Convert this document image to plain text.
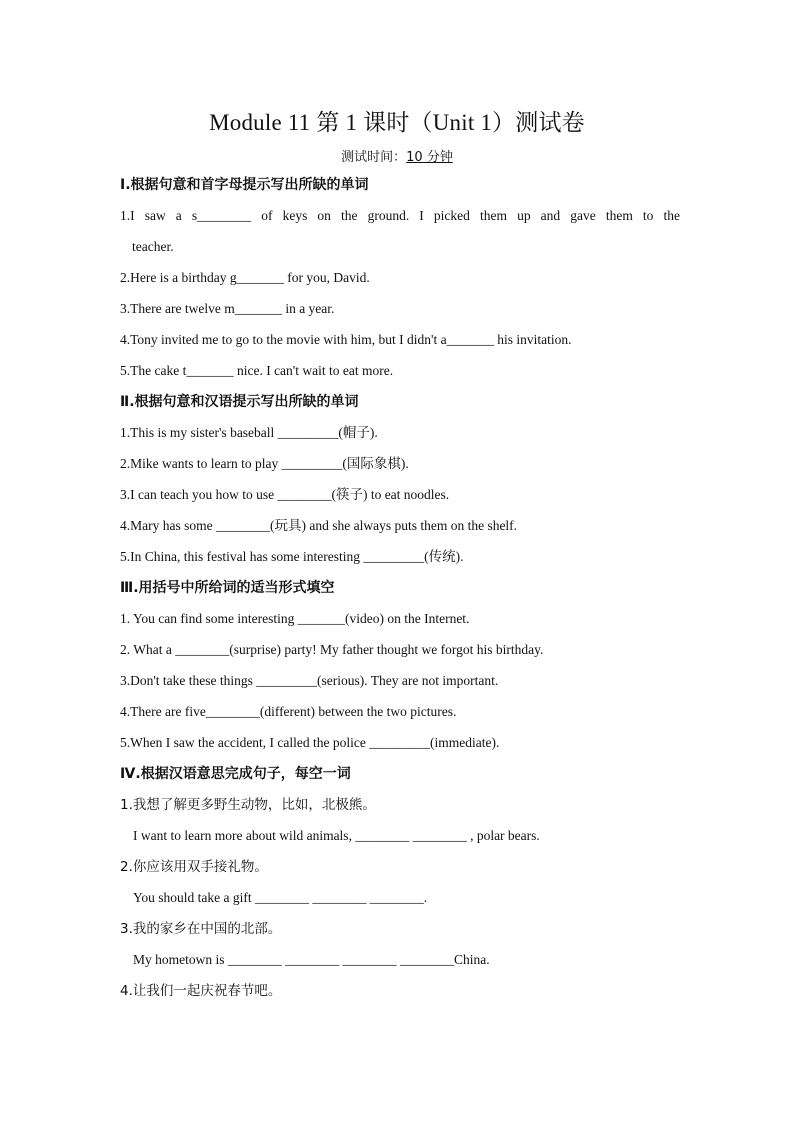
Module 11 第 1 课时（Unit 1）测试卷
测试时间：10 分钟
Ⅰ.根据句意和首字母提示写出所缺的单词
1.I saw a s________ of keys on the ground. I picked them up and gave them to the
teacher.
2.Here is a birthday g_______ for you, David.
3.There are twelve m_______ in a year.
4.Tony invited me to go to the movie with him, but I didn't a_______ his invitation.
5.The cake t_______ nice. I can't wait to eat more.
Ⅱ.根据句意和汉语提示写出所缺的单词
1.This is my sister's baseball _________(帽子).
2.Mike wants to learn to play _________(国际象棋).
3.I can teach you how to use ________(筷子) to eat noodles.
4.Mary has some ________(玩具) and she always puts them on the shelf.
5.In China, this festival has some interesting _________(传统).
Ⅲ.用括号中所给词的适当形式填空
1. You can find some interesting _______(video) on the Internet.
2. What a ________(surprise) party! My father thought we forgot his birthday.
3.Don't take these things _________(serious). They are not important.
4.There are five________(different) between the two pictures.
5.When I saw the accident, I called the police _________(immediate).
Ⅳ.根据汉语意思完成句子，每空一词
1.我想了解更多野生动物，比如，北极熊。
I want to learn more about wild animals, ________ ________ , polar bears.
2.你应该用双手接礼物。
You should take a gift ________ ________ ________.
3.我的家乡在中国的北部。
My hometown is ________ ________ ________ ________China.
4.让我们一起庆祝春节吧。
